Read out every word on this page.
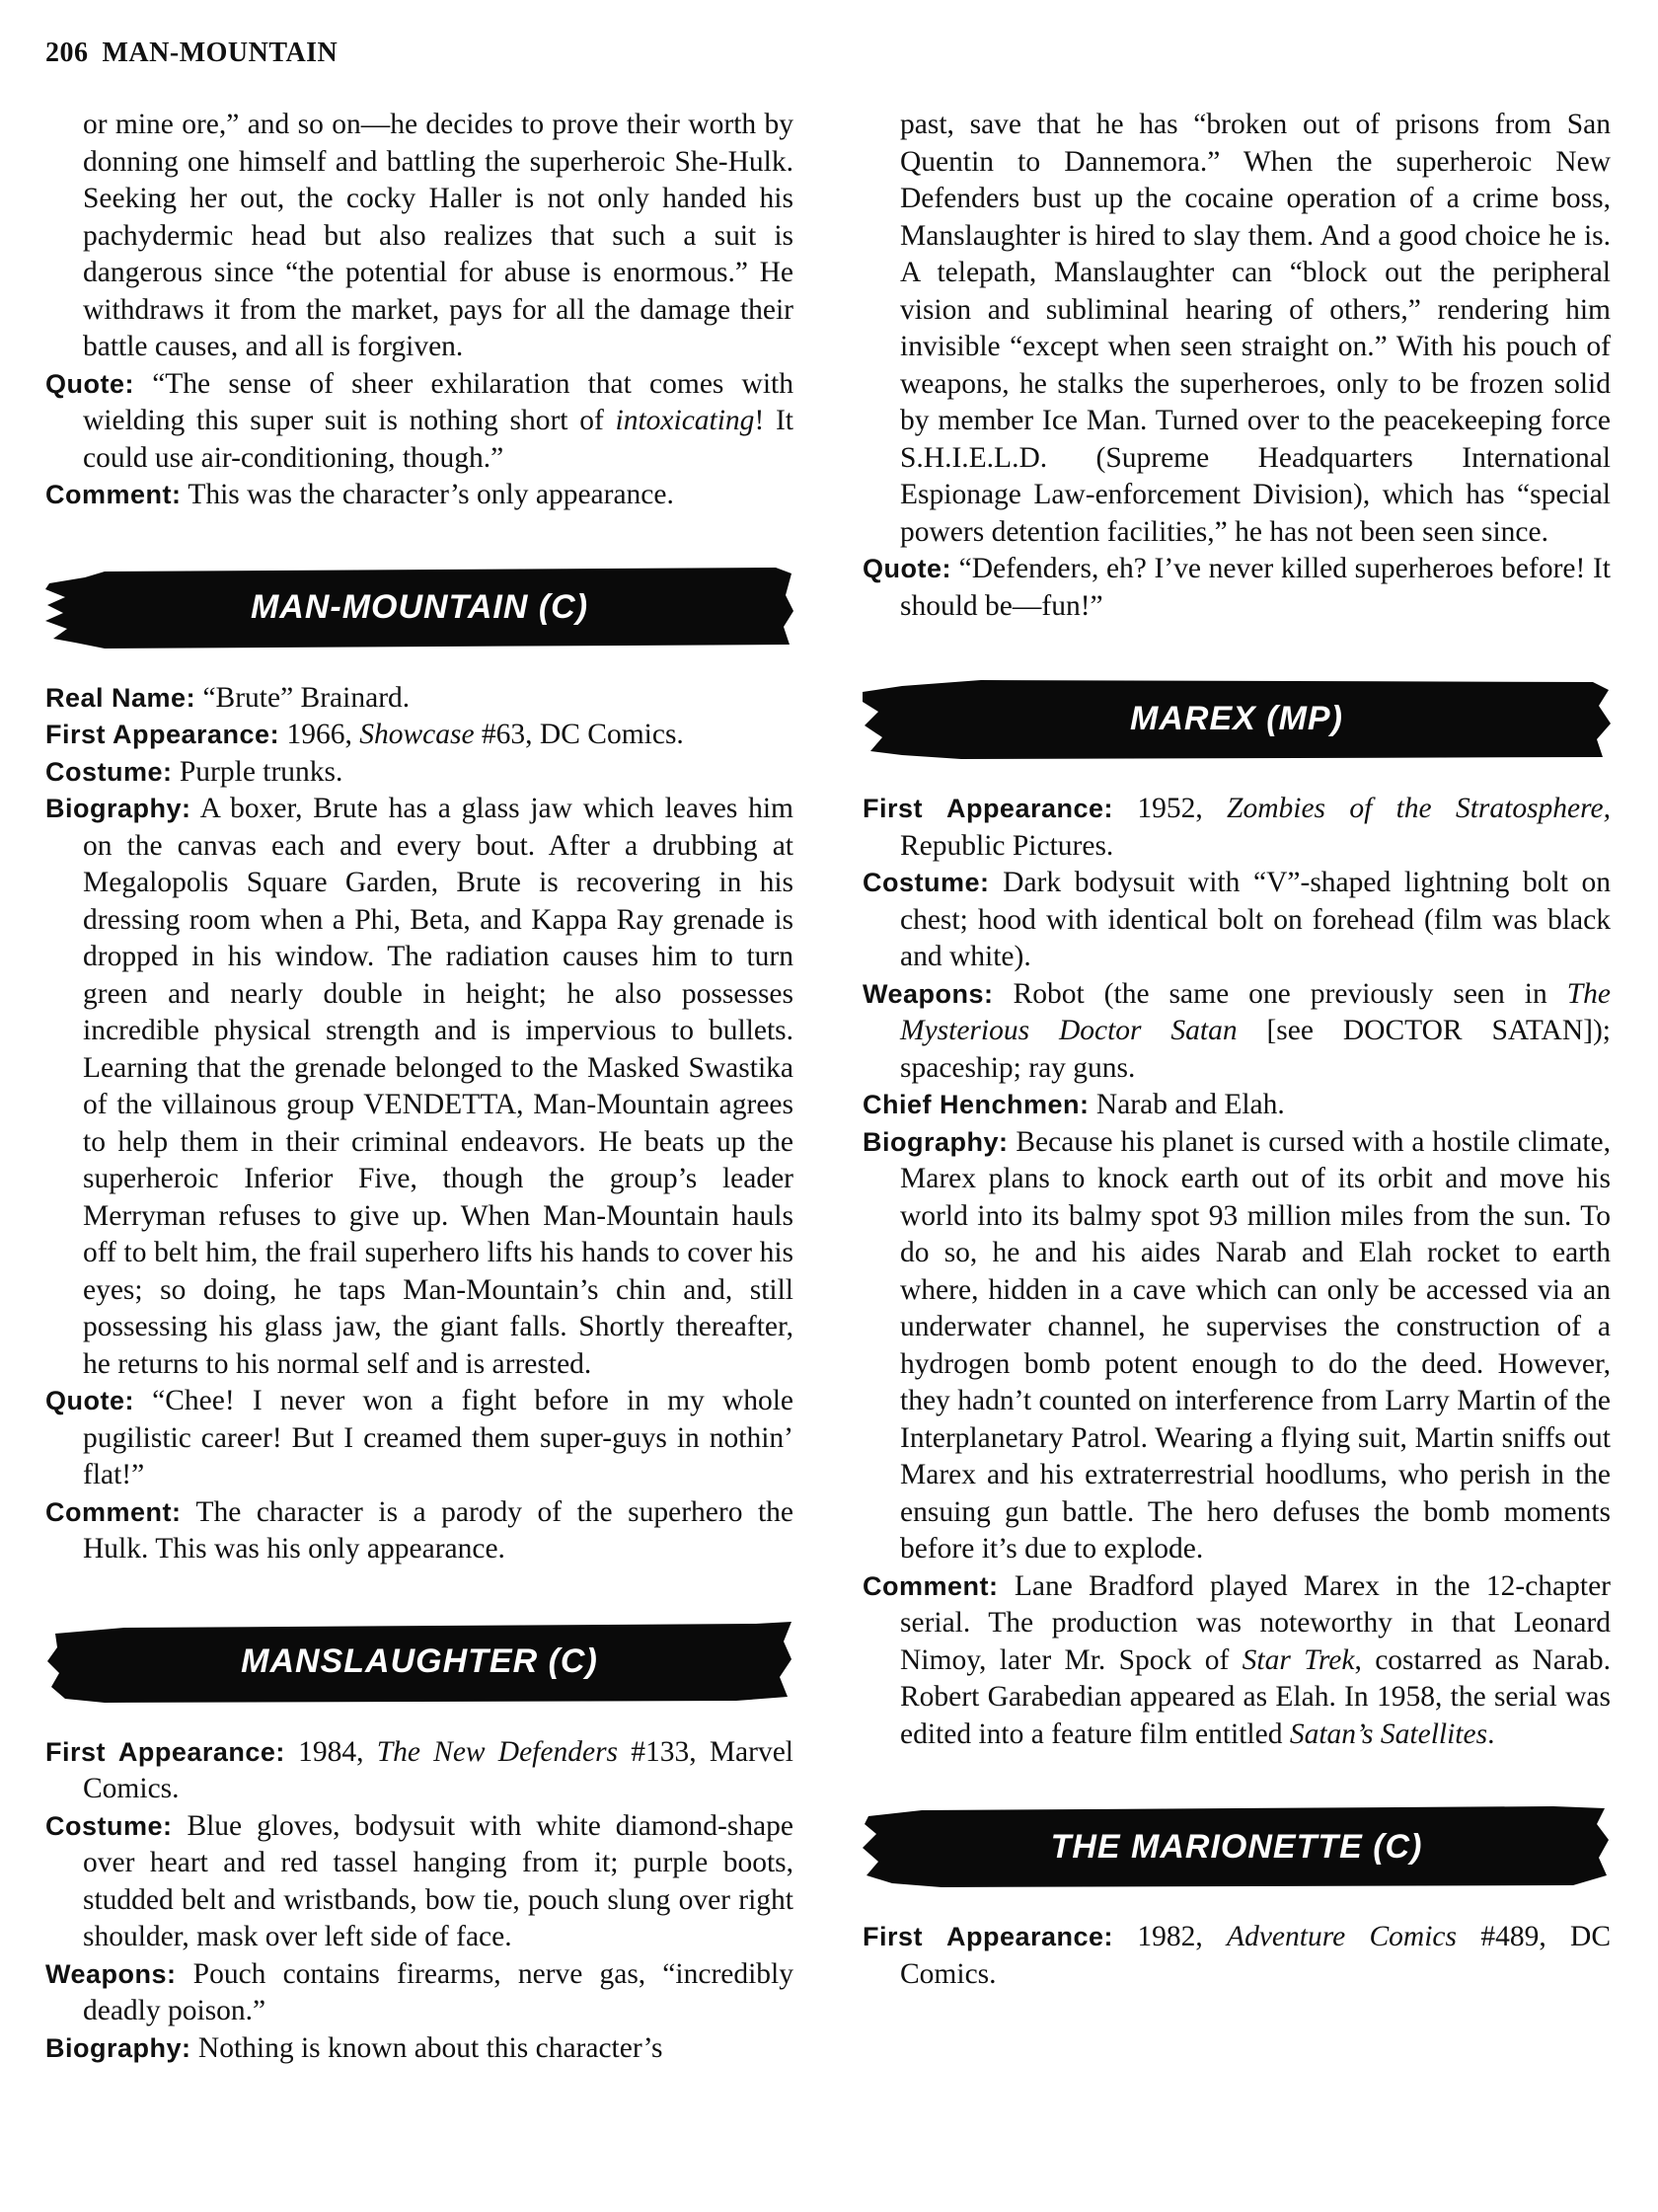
206 MAN-MOUNTAIN

or mine ore,” and so on—he decides to prove their worth by donning one himself and battling the superheroic She-Hulk. Seeking her out, the cocky Haller is not only handed his pachydermic head but also realizes that such a suit is dangerous since “the potential for abuse is enormous.” He withdraws it from the market, pays for all the damage their battle causes, and all is forgiven.

Quote: “The sense of sheer exhilaration that comes with wielding this super suit is nothing short of intoxicating! It could use air-conditioning, though.”

Comment: This was the character’s only appearance.

MAN-MOUNTAIN (C)

Real Name: “Brute” Brainard.

First Appearance: 1966, Showcase #63, DC Comics.

Costume: Purple trunks.

Biography: A boxer, Brute has a glass jaw which leaves him on the canvas each and every bout. After a drubbing at Megalopolis Square Garden, Brute is recovering in his dressing room when a Phi, Beta, and Kappa Ray grenade is dropped in his window. The radiation causes him to turn green and nearly double in height; he also possesses incredible physical strength and is impervious to bullets. Learning that the grenade belonged to the Masked Swastika of the villainous group VENDETTA, Man-Mountain agrees to help them in their criminal endeavors. He beats up the superheroic Inferior Five, though the group’s leader Merryman refuses to give up. When Man-Mountain hauls off to belt him, the frail superhero lifts his hands to cover his eyes; so doing, he taps Man-Mountain’s chin and, still possessing his glass jaw, the giant falls. Shortly thereafter, he returns to his normal self and is arrested.

Quote: “Chee! I never won a fight before in my whole pugilistic career! But I creamed them super-guys in nothin’ flat!”

Comment: The character is a parody of the superhero the Hulk. This was his only appearance.

MANSLAUGHTER (C)

First Appearance: 1984, The New Defenders #133, Marvel Comics.

Costume: Blue gloves, bodysuit with white diamond-shape over heart and red tassel hanging from it; purple boots, studded belt and wristbands, bow tie, pouch slung over right shoulder, mask over left side of face.

Weapons: Pouch contains firearms, nerve gas, “incredibly deadly poison.”

Biography: Nothing is known about this character’s

past, save that he has “broken out of prisons from San Quentin to Dannemora.” When the superheroic New Defenders bust up the cocaine operation of a crime boss, Manslaughter is hired to slay them. And a good choice he is. A telepath, Manslaughter can “block out the peripheral vision and subliminal hearing of others,” rendering him invisible “except when seen straight on.” With his pouch of weapons, he stalks the superheroes, only to be frozen solid by member Ice Man. Turned over to the peacekeeping force S.H.I.E.L.D. (Supreme Headquarters International Espionage Law-enforcement Division), which has “special powers detention facilities,” he has not been seen since.

Quote: “Defenders, eh? I’ve never killed superheroes before! It should be—fun!”

MAREX (MP)

First Appearance: 1952, Zombies of the Stratosphere, Republic Pictures.

Costume: Dark bodysuit with “V”-shaped lightning bolt on chest; hood with identical bolt on forehead (film was black and white).

Weapons: Robot (the same one previously seen in The Mysterious Doctor Satan [see DOCTOR SATAN]); spaceship; ray guns.

Chief Henchmen: Narab and Elah.

Biography: Because his planet is cursed with a hostile climate, Marex plans to knock earth out of its orbit and move his world into its balmy spot 93 million miles from the sun. To do so, he and his aides Narab and Elah rocket to earth where, hidden in a cave which can only be accessed via an underwater channel, he supervises the construction of a hydrogen bomb potent enough to do the deed. However, they hadn’t counted on interference from Larry Martin of the Interplanetary Patrol. Wearing a flying suit, Martin sniffs out Marex and his extraterrestrial hoodlums, who perish in the ensuing gun battle. The hero defuses the bomb moments before it’s due to explode.

Comment: Lane Bradford played Marex in the 12-chapter serial. The production was noteworthy in that Leonard Nimoy, later Mr. Spock of Star Trek, costarred as Narab. Robert Garabedian appeared as Elah. In 1958, the serial was edited into a feature film entitled Satan’s Satellites.

THE MARIONETTE (C)

First Appearance: 1982, Adventure Comics #489, DC Comics.
